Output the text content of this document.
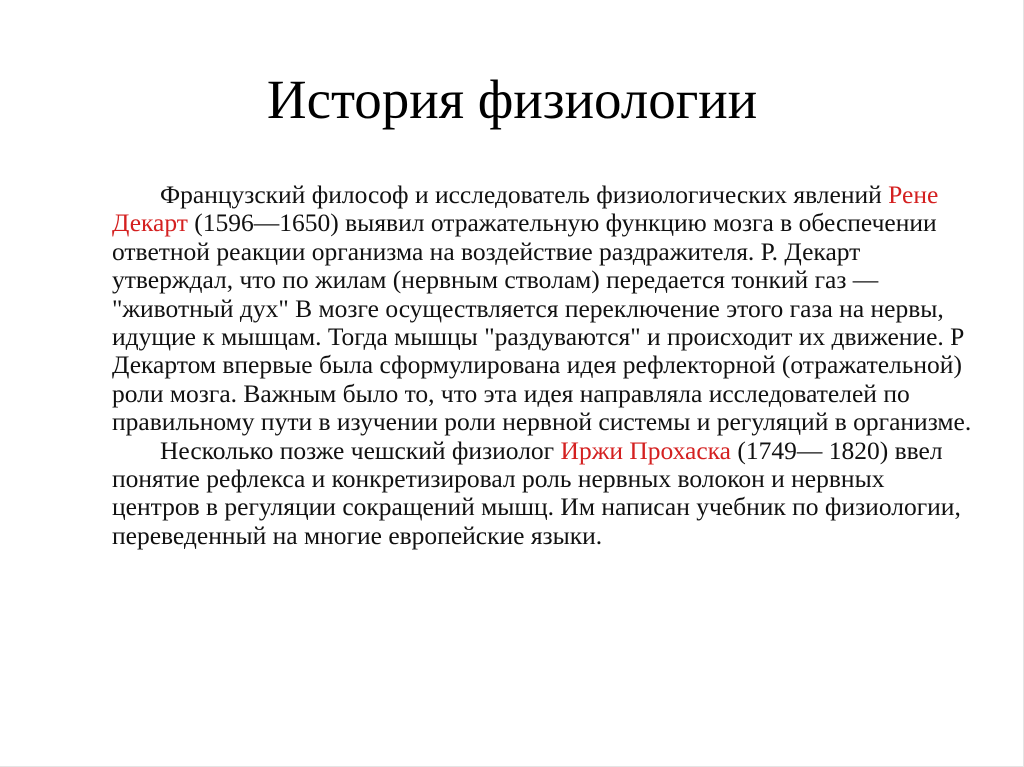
История физиологии

Французский философ и исследователь физиологических явлений Рене Декарт (1596—1650) выявил отражательную функцию мозга в обеспечении ответной реакции организма на воздействие раздражителя. Р. Декарт утверждал, что по жилам (нервным стволам) передается тонкий газ — "животный дух" В мозге осуществляется переключение этого газа на нервы, идущие к мышцам. Тогда мышцы "раздуваются" и происходит их движение. Р Декартом впервые была сформулирована идея рефлекторной (отражательной) роли мозга. Важным было то, что эта идея направляла исследователей по правильному пути в изучении роли нервной системы и регуляций в организме.

Несколько позже чешский физиолог Иржи Прохаска (1749— 1820) ввел понятие рефлекса и конкретизировал роль нервных волокон и нервных центров в регуляции сокращений мышц. Им написан учебник по физиологии, переведенный на многие европейские языки.
